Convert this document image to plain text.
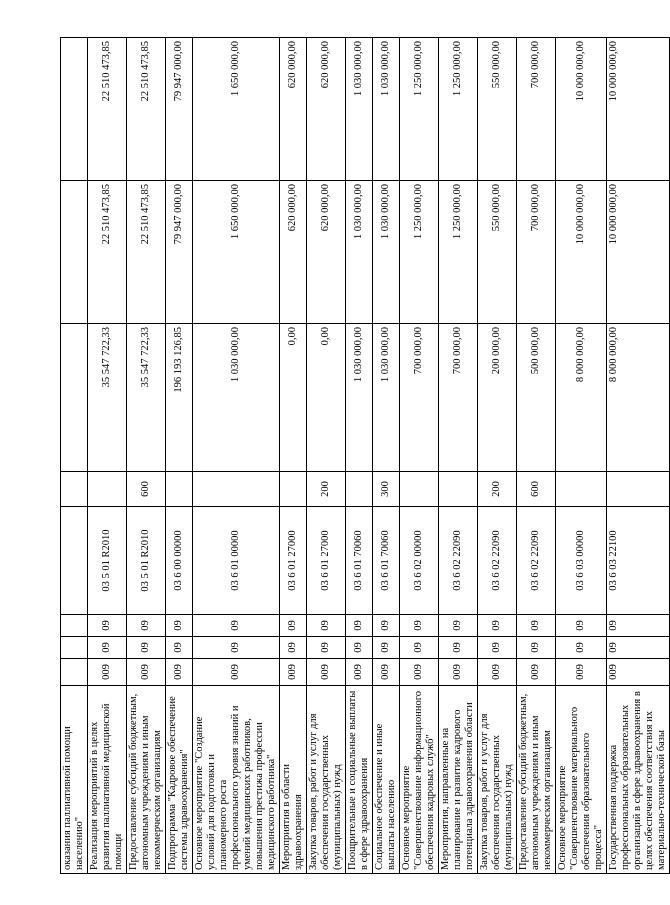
оказания паллиативной помощи населению"								
Реализация мероприятий в целях развития паллиативной медицинской помощи	009	09	09	03 5 01 R2010		35 547 722,33	22 510 473,85	22 510 473,85
Предоставление субсидий бюджетным, автономным учреждениям и иным некоммерческим организациям	009	09	09	03 5 01 R2010	600	35 547 722,33	22 510 473,85	22 510 473,85
Подпрограмма "Кадровое обеспечение системы здравоохранения"	009	09	09	03 6 00 00000		196 193 126,85	79 947 000,00	79 947 000,00
Основное мероприятие "Создание условий для подготовки и планомерного роста профессионального уровня знаний и умений медицинских работников, повышения престижа профессии медицинского работника"	009	09	09	03 6 01 00000		1 030 000,00	1 650 000,00	1 650 000,00
Мероприятия в области здравоохранения	009	09	09	03 6 01 27000		0,00	620 000,00	620 000,00
Закупка товаров, работ и услуг для обеспечения государственных (муниципальных) нужд	009	09	09	03 6 01 27000	200	0,00	620 000,00	620 000,00
Поощрительные и социальные выплаты в сфере здравоохранения	009	09	09	03 6 01 70060		1 030 000,00	1 030 000,00	1 030 000,00
Социальное обеспечение и иные выплаты населению	009	09	09	03 6 01 70060	300	1 030 000,00	1 030 000,00	1 030 000,00
Основное мероприятие "Совершенствование информационного обеспечения кадровых служб"	009	09	09	03 6 02 00000		700 000,00	1 250 000,00	1 250 000,00
Мероприятия, направленные на планирование и развитие кадрового потенциала здравоохранения области	009	09	09	03 6 02 22090		700 000,00	1 250 000,00	1 250 000,00
Закупка товаров, работ и услуг для обеспечения государственных (муниципальных) нужд	009	09	09	03 6 02 22090	200	200 000,00	550 000,00	550 000,00
Предоставление субсидий бюджетным, автономным учреждениям и иным некоммерческим организациям	009	09	09	03 6 02 22090	600	500 000,00	700 000,00	700 000,00
Основное мероприятие "Совершенствование материального обеспечения образовательного процесса"	009	09	09	03 6 03 00000		8 000 000,00	10 000 000,00	10 000 000,00
Государственная поддержка профессиональных образовательных организаций в сфере здравоохранения в целях обеспечения соответствия их материально-технической базы	009	09	09	03 6 03 22100		8 000 000,00	10 000 000,00	10 000 000,00
